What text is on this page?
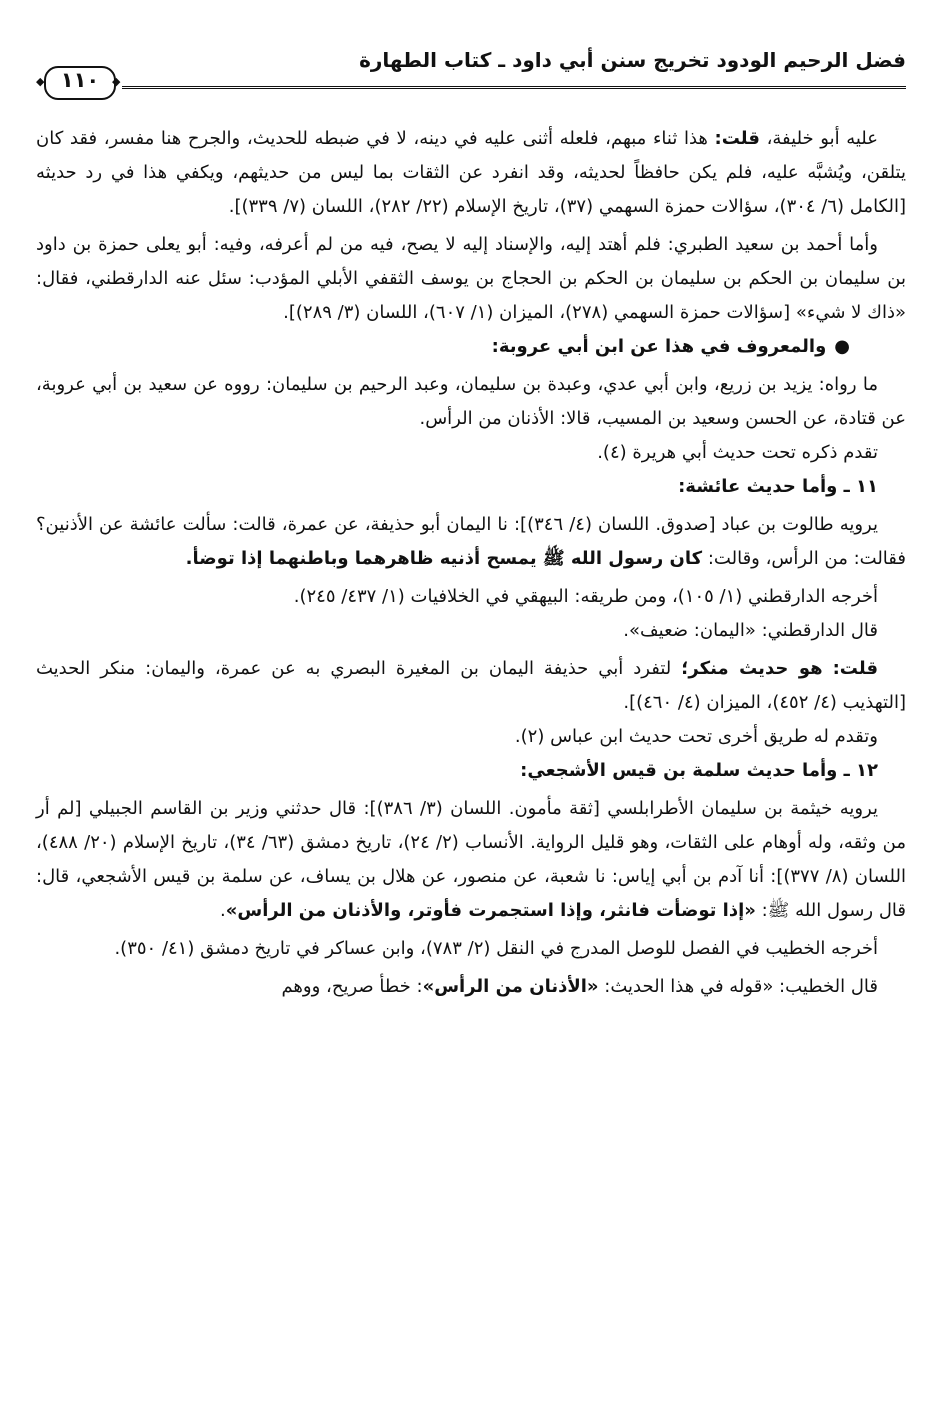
فضل الرحيم الودود تخريج سنن أبي داود ـ كتاب الطهارة
◆	◆
١١٠

عليه أبو خليفة، قلت: هذا ثناء مبهم، فلعله أثنى عليه في دينه، لا في ضبطه للحديث، والجرح هنا مفسر، فقد كان يتلقن، ويُشبَّه عليه، فلم يكن حافظاً لحديثه، وقد انفرد عن الثقات بما ليس من حديثهم، ويكفي هذا في رد حديثه [الكامل (٦/ ٣٠٤)، سؤالات حمزة السهمي (٣٧)، تاريخ الإسلام (٢٢/ ٢٨٢)، اللسان (٧/ ٣٣٩)].

وأما أحمد بن سعيد الطبري: فلم أهتد إليه، والإسناد إليه لا يصح، فيه من لم أعرفه، وفيه: أبو يعلى حمزة بن داود بن سليمان بن الحكم بن سليمان بن الحكم بن الحجاج بن يوسف الثقفي الأبلي المؤدب: سئل عنه الدارقطني، فقال: «ذاك لا شيء» [سؤالات حمزة السهمي (٢٧٨)، الميزان (١/ ٦٠٧)، اللسان (٣/ ٢٨٩)].

●والمعروف في هذا عن ابن أبي عروبة:

ما رواه: يزيد بن زريع، وابن أبي عدي، وعبدة بن سليمان، وعبد الرحيم بن سليمان: رووه عن سعيد بن أبي عروبة، عن قتادة، عن الحسن وسعيد بن المسيب، قالا: الأذنان من الرأس.

تقدم ذكره تحت حديث أبي هريرة (٤).

١١ ـ وأما حديث عائشة:

يرويه طالوت بن عباد [صدوق. اللسان (٤/ ٣٤٦)]: نا اليمان أبو حذيفة، عن عمرة، قالت: سألت عائشة عن الأذنين؟ فقالت: من الرأس، وقالت: كان رسول الله ﷺ يمسح أذنيه ظاهرهما وباطنهما إذا توضأ.

أخرجه الدارقطني (١/ ١٠٥)، ومن طريقه: البيهقي في الخلافيات (١/ ٤٣٧/ ٢٤٥).

قال الدارقطني: «اليمان: ضعيف».

قلت: هو حديث منكر؛ لتفرد أبي حذيفة اليمان بن المغيرة البصري به عن عمرة، واليمان: منكر الحديث [التهذيب (٤/ ٤٥٢)، الميزان (٤/ ٤٦٠)].

وتقدم له طريق أخرى تحت حديث ابن عباس (٢).

١٢ ـ وأما حديث سلمة بن قيس الأشجعي:

يرويه خيثمة بن سليمان الأطرابلسي [ثقة مأمون. اللسان (٣/ ٣٨٦)]: قال حدثني وزير بن القاسم الجبيلي [لم أر من وثقه، وله أوهام على الثقات، وهو قليل الرواية. الأنساب (٢/ ٢٤)، تاريخ دمشق (٦٣/ ٣٤)، تاريخ الإسلام (٢٠/ ٤٨٨)، اللسان (٨/ ٣٧٧)]: أنا آدم بن أبي إياس: نا شعبة، عن منصور، عن هلال بن يساف، عن سلمة بن قيس الأشجعي، قال: قال رسول الله ﷺ: «إذا توضأت فانثر، وإذا استجمرت فأوتر، والأذنان من الرأس».

أخرجه الخطيب في الفصل للوصل المدرج في النقل (٢/ ٧٨٣)، وابن عساكر في تاريخ دمشق (٤١/ ٣٥٠).

قال الخطيب: «قوله في هذا الحديث: «الأذنان من الرأس»: خطأ صريح، ووهم
